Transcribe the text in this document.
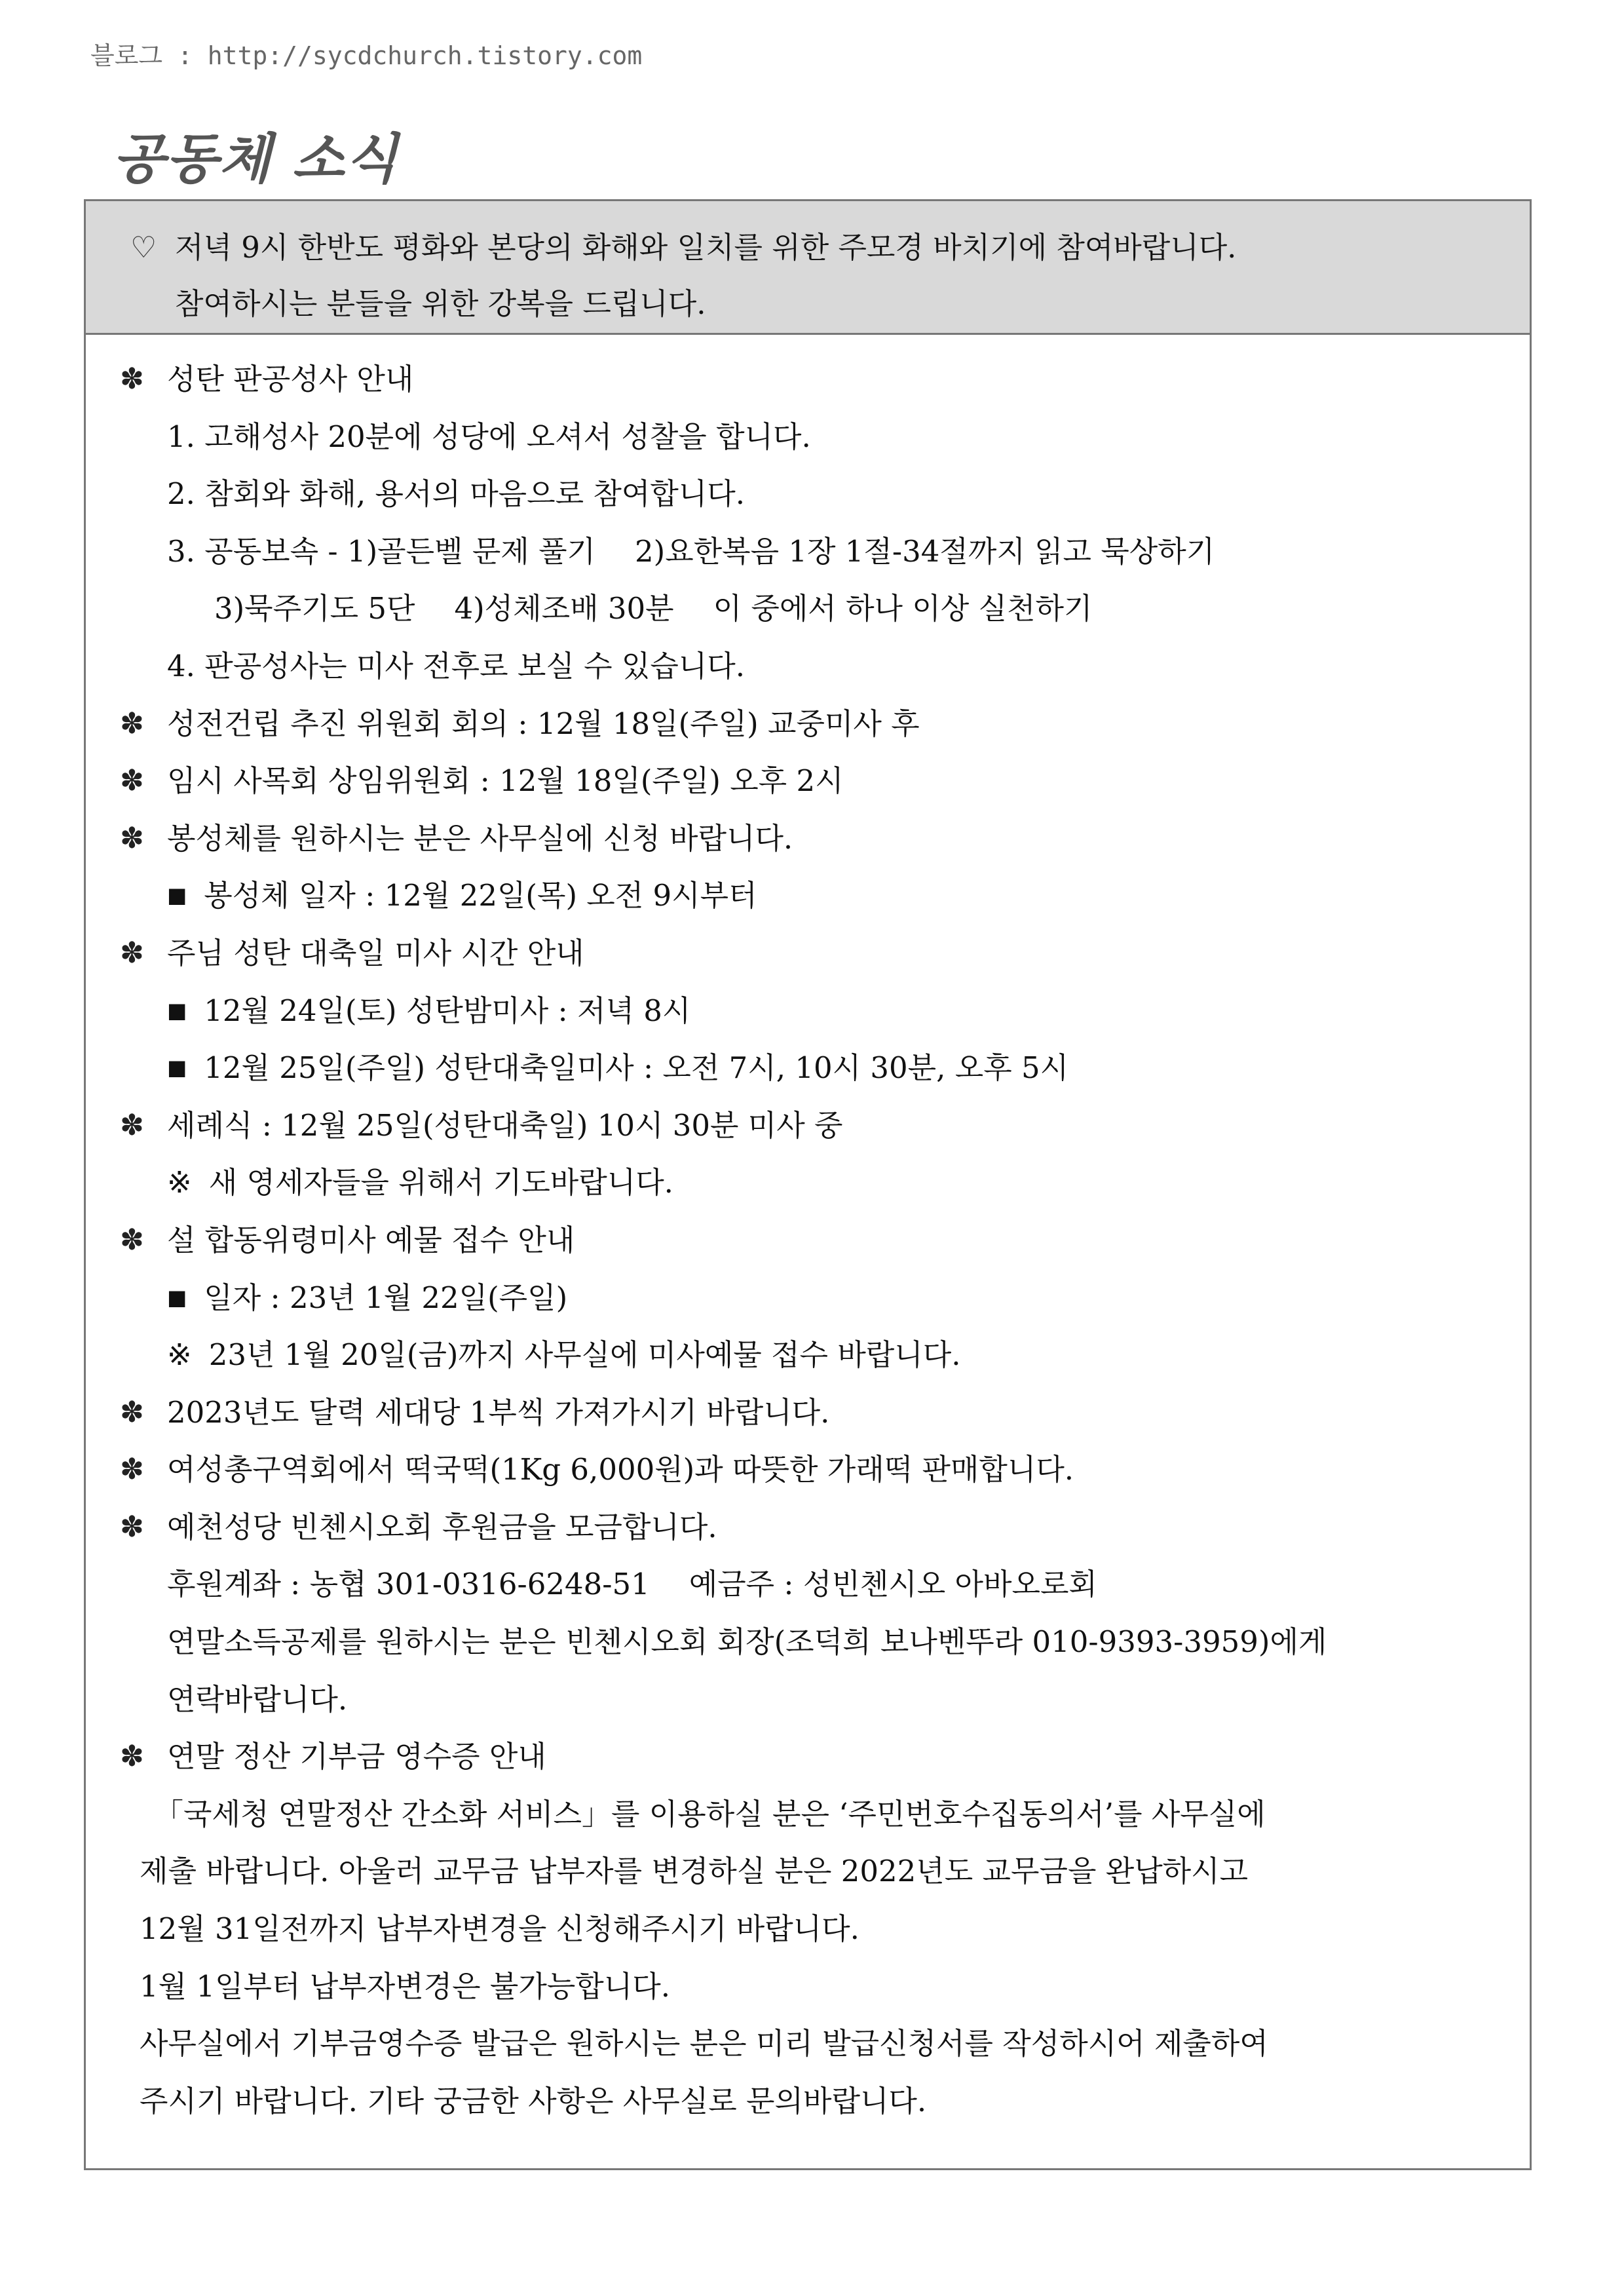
블로그 : http://sycdchurch.tistory.com
공동체 소식
♡ 저녁 9시 한반도 평화와 본당의 화해와 일치를 위한 주모경 바치기에 참여바랍니다.
참여하시는 분들을 위한 강복을 드립니다.
✽ 성탄 판공성사 안내
1. 고해성사 20분에 성당에 오셔서 성찰을 합니다.
2. 참회와 화해, 용서의 마음으로 참여합니다.
3. 공동보속 - 1)골든벨 문제 풀기 2)요한복음 1장 1절-34절까지 읽고 묵상하기
3)묵주기도 5단 4)성체조배 30분 이 중에서 하나 이상 실천하기
4. 판공성사는 미사 전후로 보실 수 있습니다.
✽ 성전건립 추진 위원회 회의 : 12월 18일(주일) 교중미사 후
✽ 임시 사목회 상임위원회 : 12월 18일(주일) 오후 2시
✽ 봉성체를 원하시는 분은 사무실에 신청 바랍니다.
■ 봉성체 일자 : 12월 22일(목) 오전 9시부터
✽ 주님 성탄 대축일 미사 시간 안내
■ 12월 24일(토) 성탄밤미사 : 저녁 8시
■ 12월 25일(주일) 성탄대축일미사 : 오전 7시, 10시 30분, 오후 5시
✽ 세례식 : 12월 25일(성탄대축일) 10시 30분 미사 중
※ 새 영세자들을 위해서 기도바랍니다.
✽ 설 합동위령미사 예물 접수 안내
■ 일자 : 23년 1월 22일(주일)
※ 23년 1월 20일(금)까지 사무실에 미사예물 접수 바랍니다.
✽ 2023년도 달력 세대당 1부씩 가져가시기 바랍니다.
✽ 여성총구역회에서 떡국떡(1Kg 6,000원)과 따뜻한 가래떡 판매합니다.
✽ 예천성당 빈첸시오회 후원금을 모금합니다.
후원계좌 : 농협 301-0316-6248-51 예금주 : 성빈첸시오 아바오로회
연말소득공제를 원하시는 분은 빈첸시오회 회장(조덕희 보나벤뚜라 010-9393-3959)에게
연락바랍니다.
✽ 연말 정산 기부금 영수증 안내
「국세청 연말정산 간소화 서비스」를 이용하실 분은 ‘주민번호수집동의서’를 사무실에
제출 바랍니다. 아울러 교무금 납부자를 변경하실 분은 2022년도 교무금을 완납하시고
12월 31일전까지 납부자변경을 신청해주시기 바랍니다.
1월 1일부터 납부자변경은 불가능합니다.
사무실에서 기부금영수증 발급은 원하시는 분은 미리 발급신청서를 작성하시어 제출하여
주시기 바랍니다. 기타 궁금한 사항은 사무실로 문의바랍니다.
